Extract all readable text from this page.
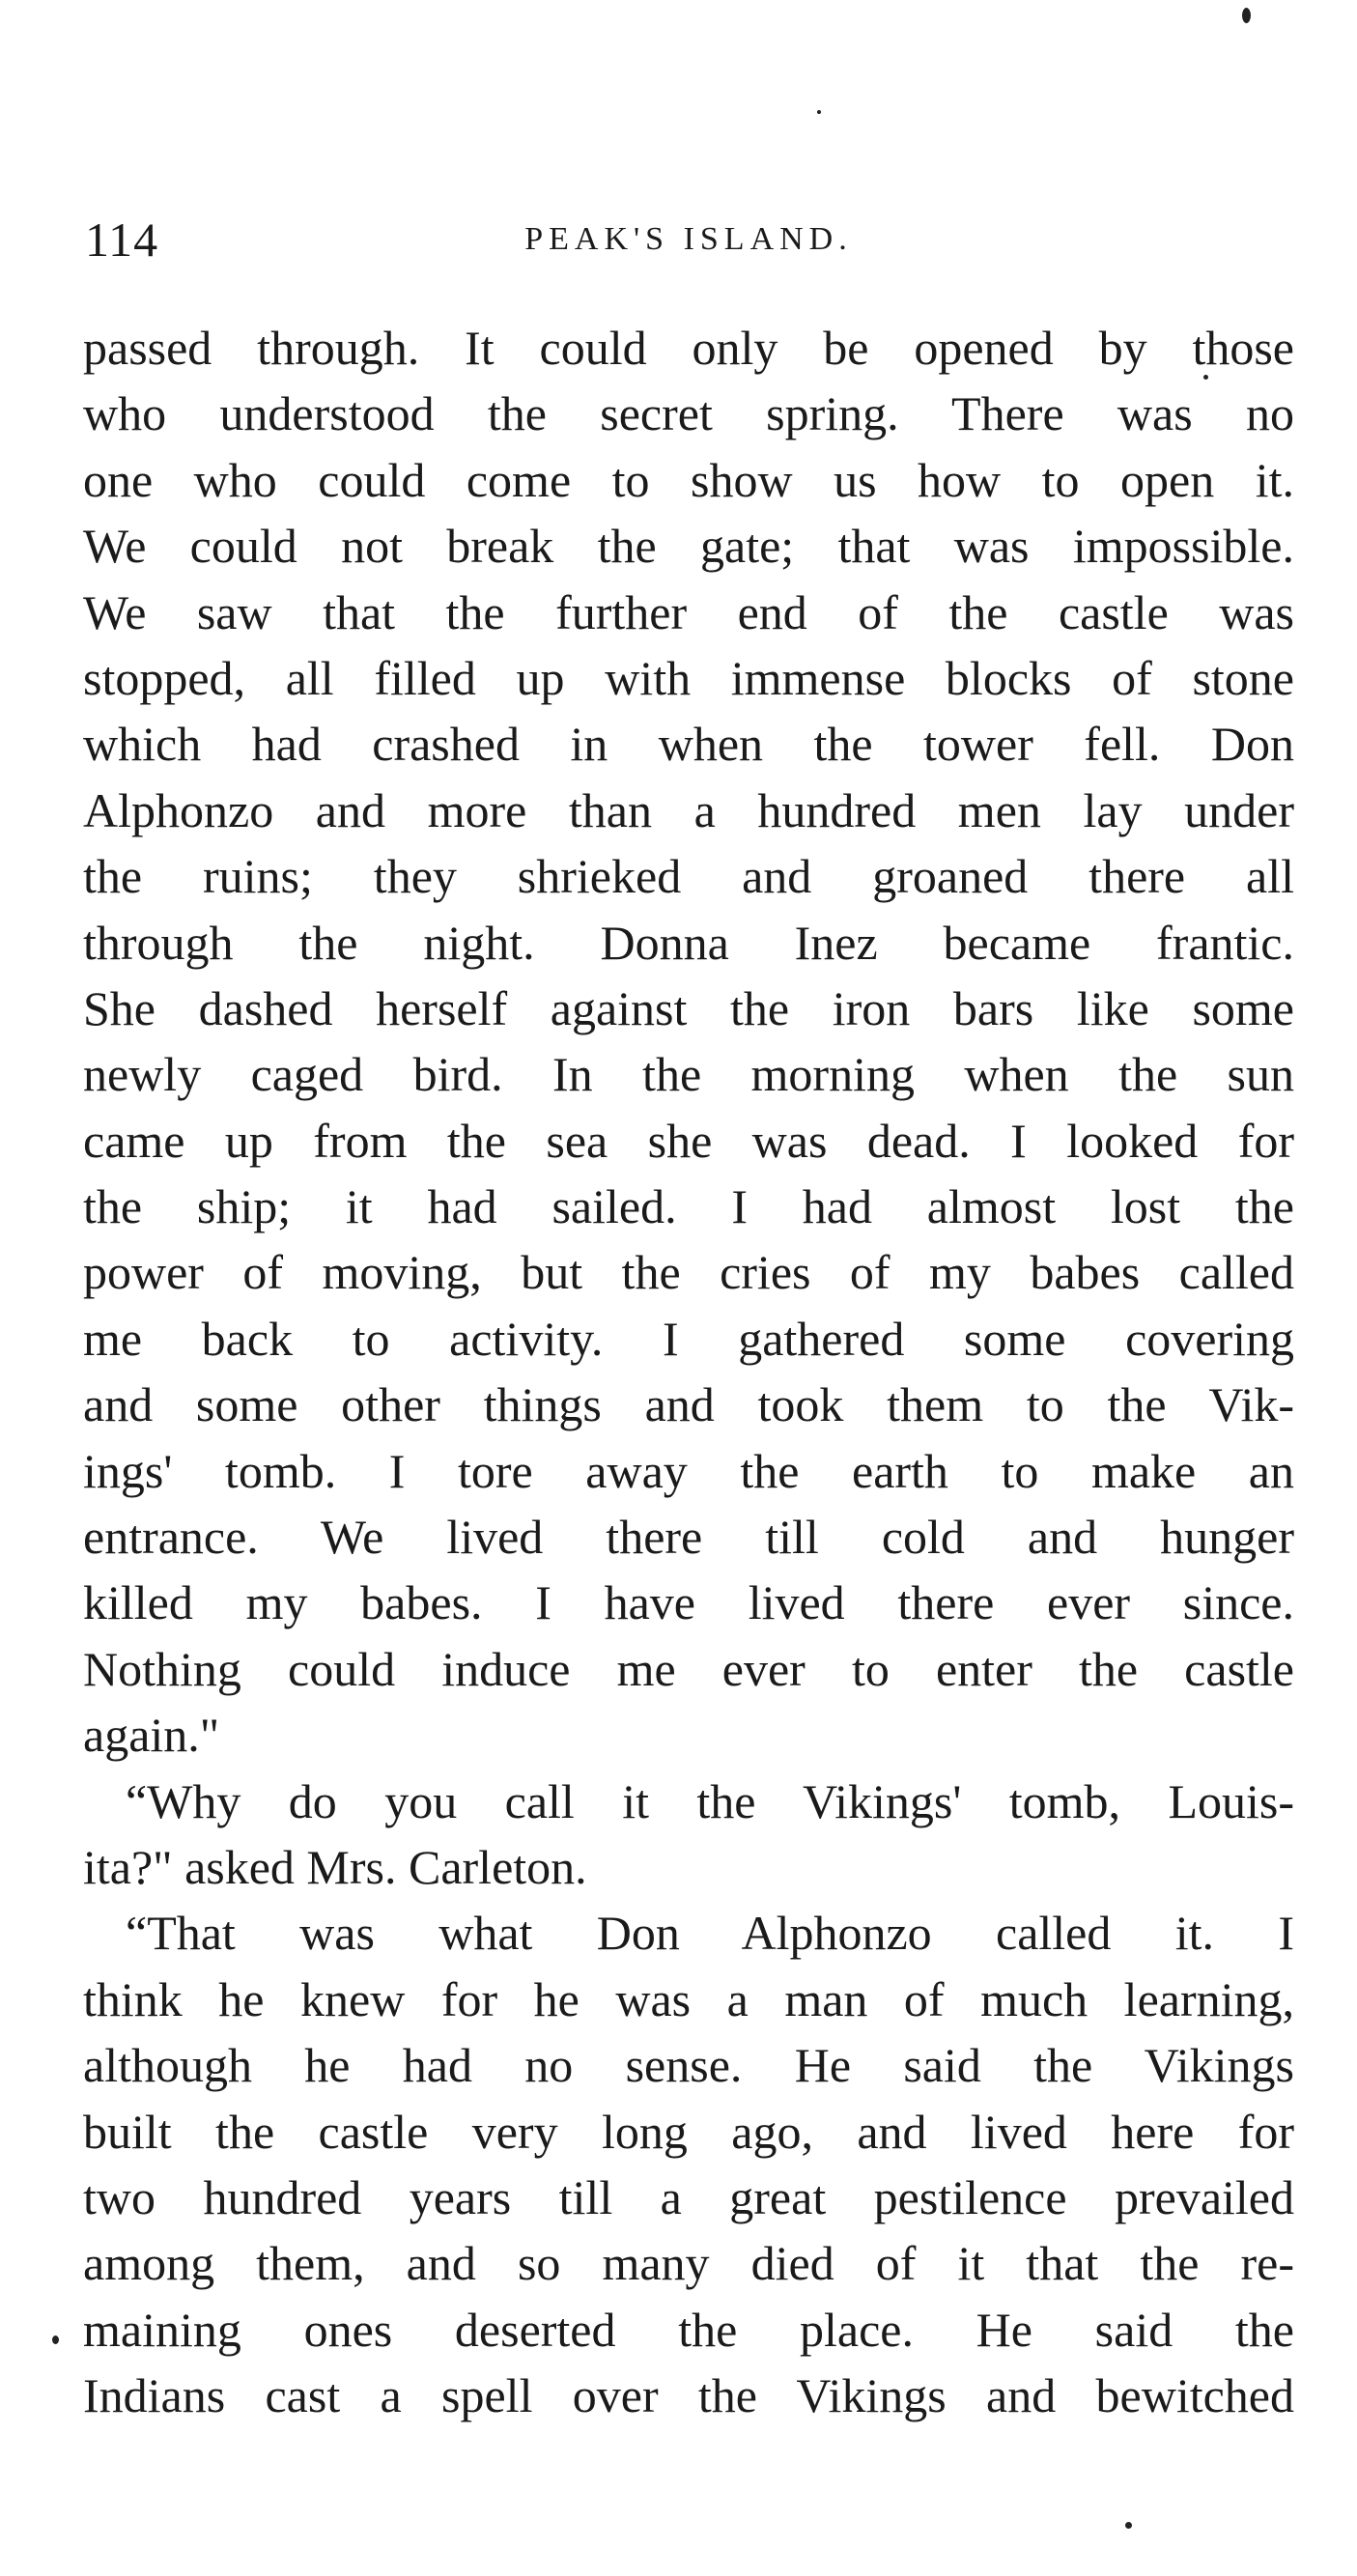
114	PEAK'S ISLAND.
passed through. It could only be opened by those
who understood the secret spring. There was no
one who could come to show us how to open it.
We could not break the gate; that was impossible.
We saw that the further end of the castle was
stopped, all filled up with immense blocks of stone
which had crashed in when the tower fell. Don
Alphonzo and more than a hundred men lay under
the ruins; they shrieked and groaned there all
through the night. Donna Inez became frantic.
She dashed herself against the iron bars like some
newly caged bird. In the morning when the sun
came up from the sea she was dead. I looked for
the ship; it had sailed. I had almost lost the
power of moving, but the cries of my babes called
me back to activity. I gathered some covering
and some other things and took them to the Vik-
ings' tomb. I tore away the earth to make an
entrance. We lived there till cold and hunger
killed my babes. I have lived there ever since.
Nothing could induce me ever to enter the castle
again."
“Why do you call it the Vikings' tomb, Louis-
ita?" asked Mrs. Carleton.
“That was what Don Alphonzo called it. I
think he knew for he was a man of much learning,
although he had no sense. He said the Vikings
built the castle very long ago, and lived here for
two hundred years till a great pestilence prevailed
among them, and so many died of it that the re-
maining ones deserted the place. He said the
Indians cast a spell over the Vikings and bewitched
